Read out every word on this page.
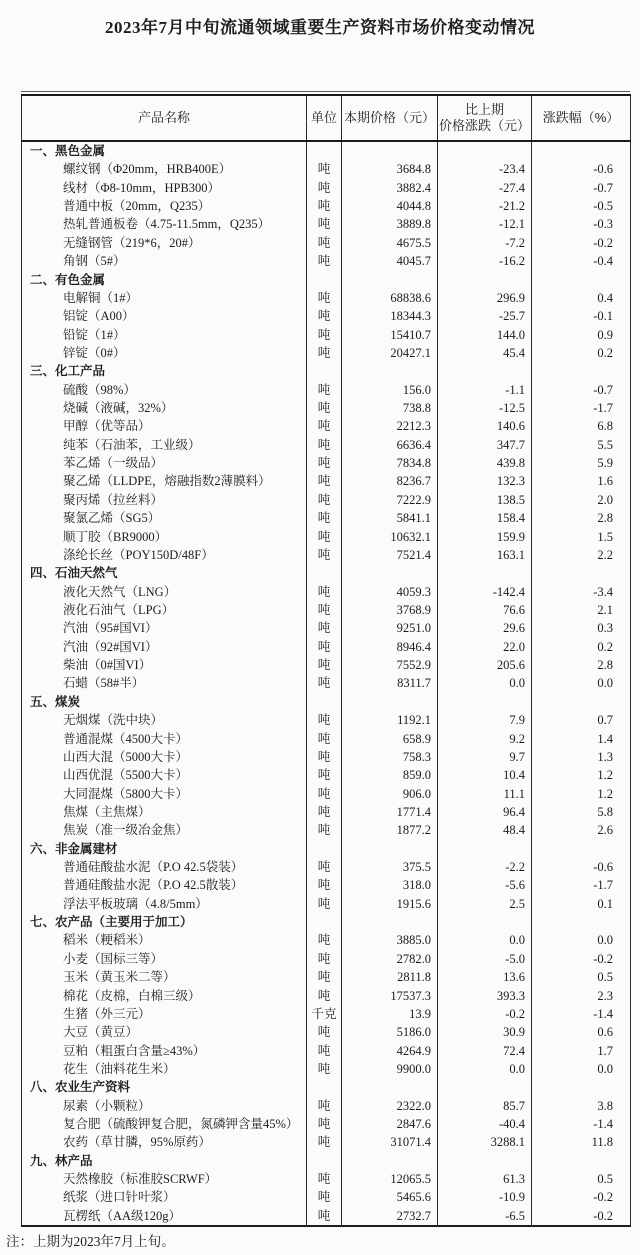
2023年7月中旬流通领域重要生产资料市场价格变动情况
产品名称	单位	本期价格（元）	比上期
价格涨跌（元）	涨跌幅（%）
一、黑色金属				
螺纹钢（Φ20mm，HRB400E）	吨	3684.8	-23.4	-0.6
线材（Φ8-10mm，HPB300）	吨	3882.4	-27.4	-0.7
普通中板（20mm，Q235）	吨	4044.8	-21.2	-0.5
热轧普通板卷（4.75-11.5mm，Q235）	吨	3889.8	-12.1	-0.3
无缝钢管（219*6，20#）	吨	4675.5	-7.2	-0.2
角钢（5#）	吨	4045.7	-16.2	-0.4
二、有色金属				
电解铜（1#）	吨	68838.6	296.9	0.4
铝锭（A00）	吨	18344.3	-25.7	-0.1
铅锭（1#）	吨	15410.7	144.0	0.9
锌锭（0#）	吨	20427.1	45.4	0.2
三、化工产品				
硫酸（98%）	吨	156.0	-1.1	-0.7
烧碱（液碱，32%）	吨	738.8	-12.5	-1.7
甲醇（优等品）	吨	2212.3	140.6	6.8
纯苯（石油苯，工业级）	吨	6636.4	347.7	5.5
苯乙烯（一级品）	吨	7834.8	439.8	5.9
聚乙烯（LLDPE，熔融指数2薄膜料）	吨	8236.7	132.3	1.6
聚丙烯（拉丝料）	吨	7222.9	138.5	2.0
聚氯乙烯（SG5）	吨	5841.1	158.4	2.8
顺丁胶（BR9000）	吨	10632.1	159.9	1.5
涤纶长丝（POY150D/48F）	吨	7521.4	163.1	2.2
四、石油天然气				
液化天然气（LNG）	吨	4059.3	-142.4	-3.4
液化石油气（LPG）	吨	3768.9	76.6	2.1
汽油（95#国VI）	吨	9251.0	29.6	0.3
汽油（92#国VI）	吨	8946.4	22.0	0.2
柴油（0#国VI）	吨	7552.9	205.6	2.8
石蜡（58#半）	吨	8311.7	0.0	0.0
五、煤炭				
无烟煤（洗中块）	吨	1192.1	7.9	0.7
普通混煤（4500大卡）	吨	658.9	9.2	1.4
山西大混（5000大卡）	吨	758.3	9.7	1.3
山西优混（5500大卡）	吨	859.0	10.4	1.2
大同混煤（5800大卡）	吨	906.0	11.1	1.2
焦煤（主焦煤）	吨	1771.4	96.4	5.8
焦炭（准一级冶金焦）	吨	1877.2	48.4	2.6
六、非金属建材				
普通硅酸盐水泥（P.O 42.5袋装）	吨	375.5	-2.2	-0.6
普通硅酸盐水泥（P.O 42.5散装）	吨	318.0	-5.6	-1.7
浮法平板玻璃（4.8/5mm）	吨	1915.6	2.5	0.1
七、农产品（主要用于加工）				
稻米（粳稻米）	吨	3885.0	0.0	0.0
小麦（国标三等）	吨	2782.0	-5.0	-0.2
玉米（黄玉米二等）	吨	2811.8	13.6	0.5
棉花（皮棉，白棉三级）	吨	17537.3	393.3	2.3
生猪（外三元）	千克	13.9	-0.2	-1.4
大豆（黄豆）	吨	5186.0	30.9	0.6
豆粕（粗蛋白含量≥43%）	吨	4264.9	72.4	1.7
花生（油料花生米）	吨	9900.0	0.0	0.0
八、农业生产资料				
尿素（小颗粒）	吨	2322.0	85.7	3.8
复合肥（硫酸钾复合肥，氮磷钾含量45%）	吨	2847.6	-40.4	-1.4
农药（草甘膦，95%原药）	吨	31071.4	3288.1	11.8
九、林产品				
天然橡胶（标准胶SCRWF）	吨	12065.5	61.3	0.5
纸浆（进口针叶浆）	吨	5465.6	-10.9	-0.2
瓦楞纸（AA级120g）	吨	2732.7	-6.5	-0.2
注：上期为2023年7月上旬。
